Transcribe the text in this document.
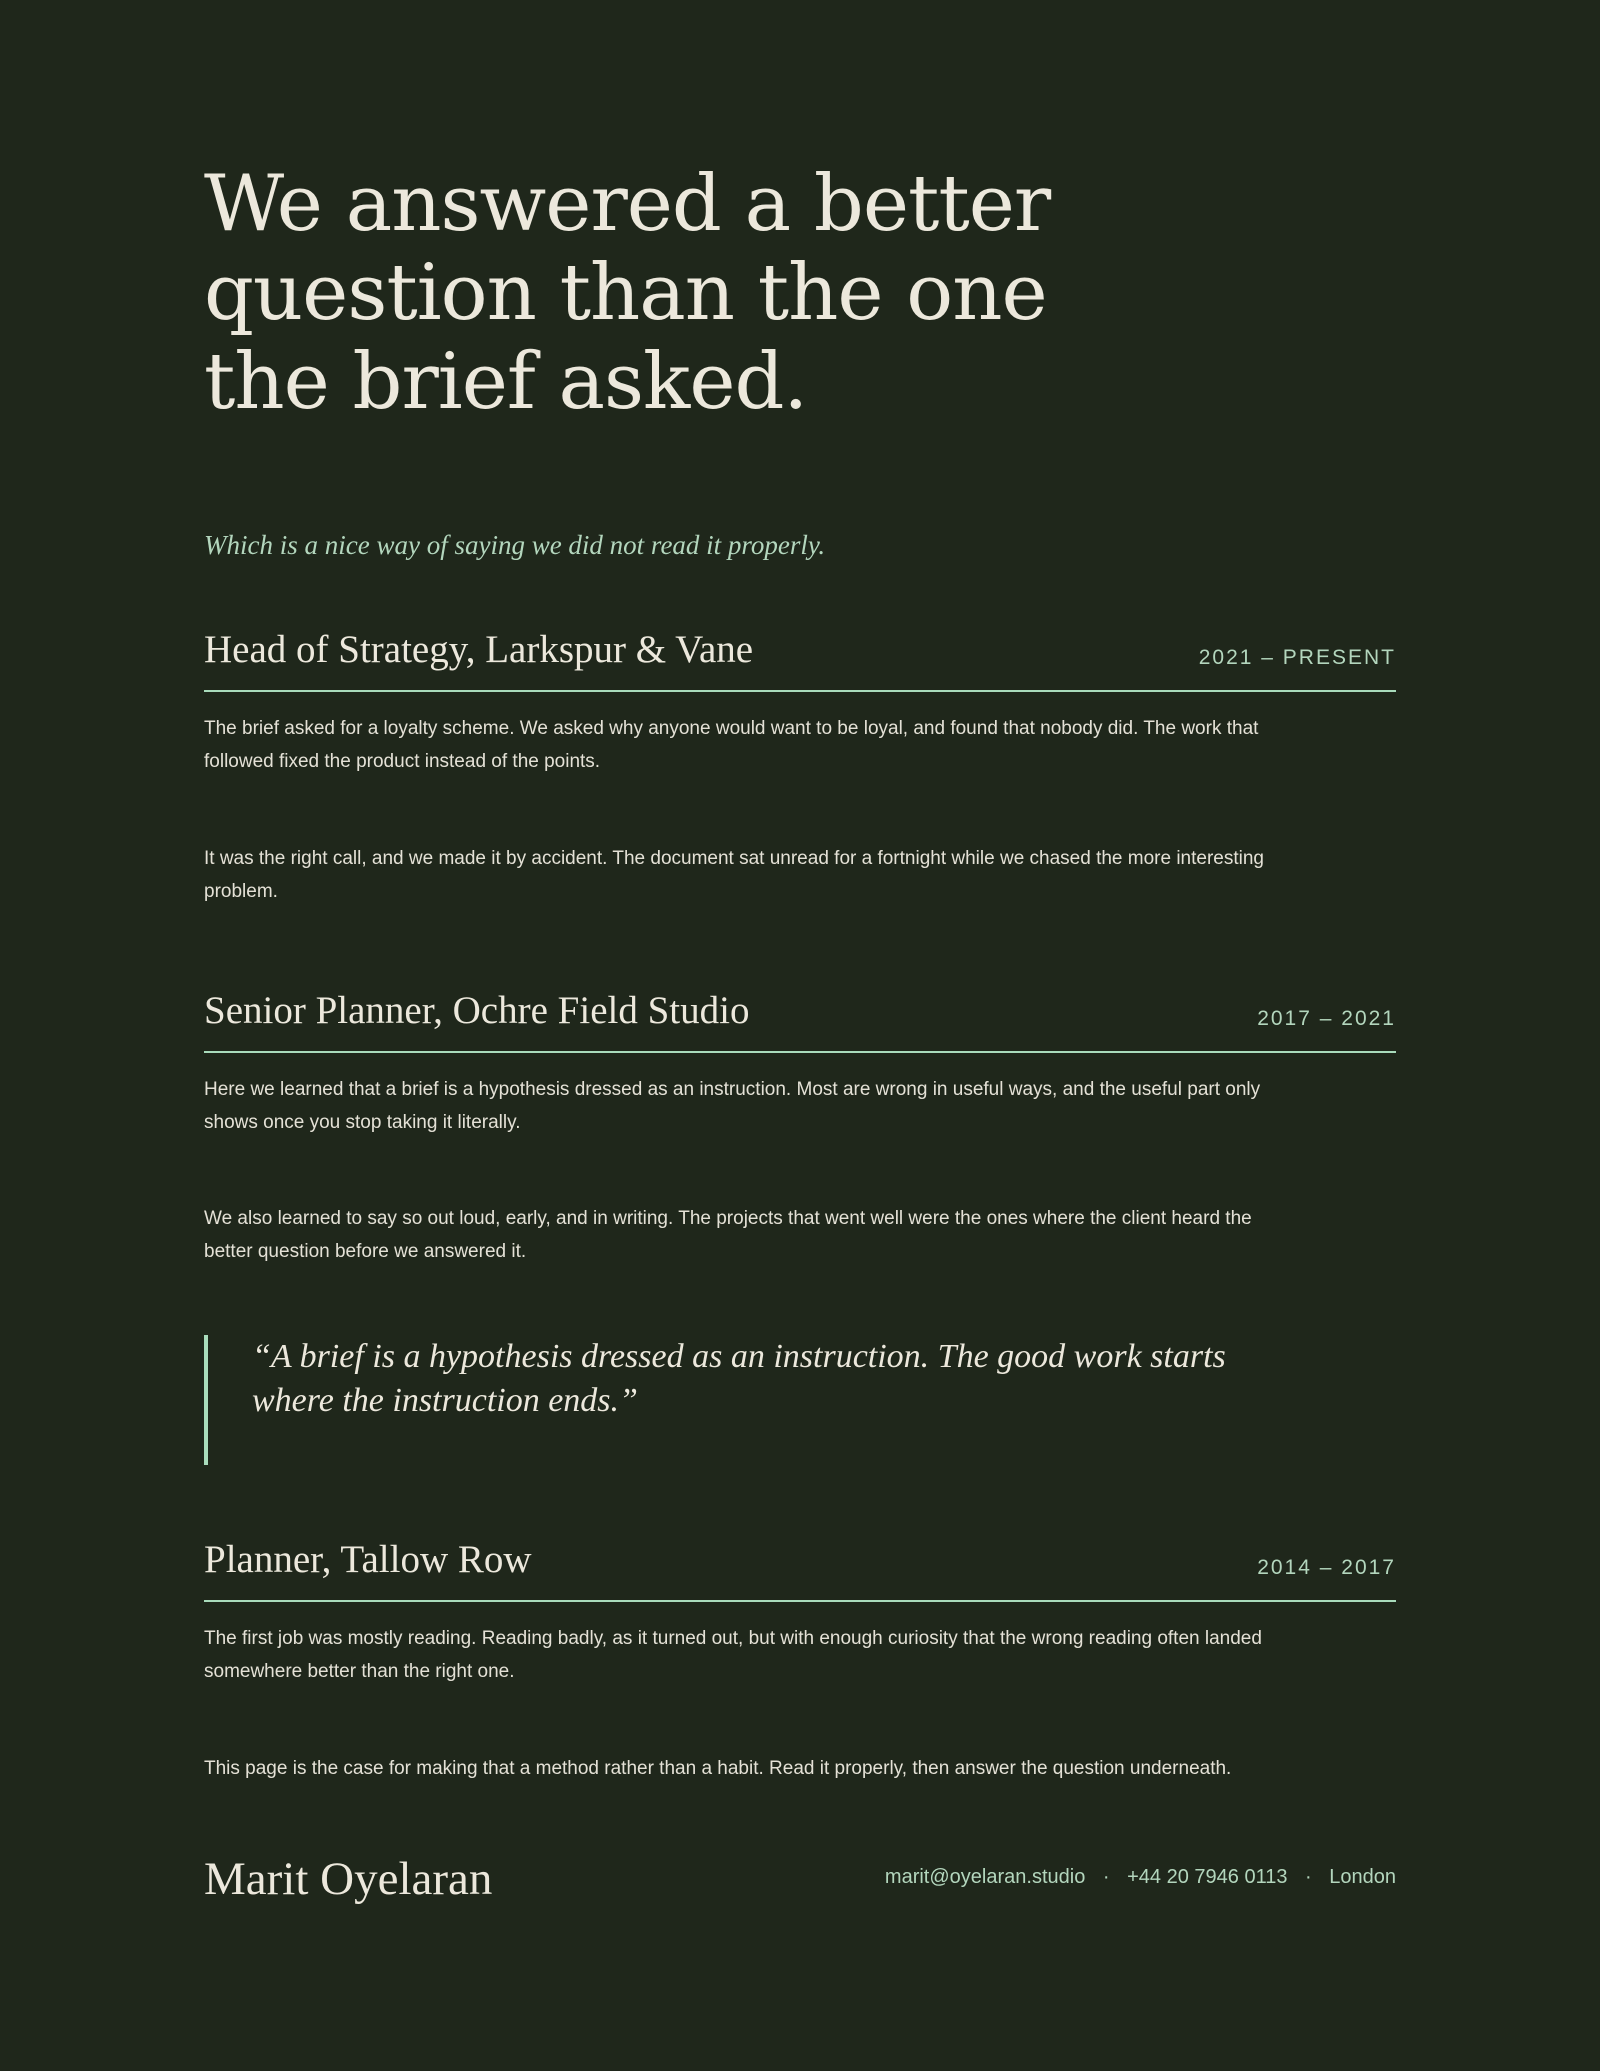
We answered a better
question than the one
the brief asked.

Which is a nice way of saying we did not read it properly.

Head of Strategy, Larkspur & Vane	2021 – PRESENT

The brief asked for a loyalty scheme. We asked why anyone would want to be loyal, and found that nobody did. The work that followed fixed the product instead of the points.

It was the right call, and we made it by accident. The document sat unread for a fortnight while we chased the more interesting problem.

Senior Planner, Ochre Field Studio	2017 – 2021

Here we learned that a brief is a hypothesis dressed as an instruction. Most are wrong in useful ways, and the useful part only shows once you stop taking it literally.

We also learned to say so out loud, early, and in writing. The projects that went well were the ones where the client heard the better question before we answered it.

“A brief is a hypothesis dressed as an instruction. The good work starts where the instruction ends.”

Planner, Tallow Row	2014 – 2017

The first job was mostly reading. Reading badly, as it turned out, but with enough curiosity that the wrong reading often landed somewhere better than the right one.

This page is the case for making that a method rather than a habit. Read it properly, then answer the question underneath.

Marit Oyelaran	marit@oyelaran.studio · +44 20 7946 0113 · London
